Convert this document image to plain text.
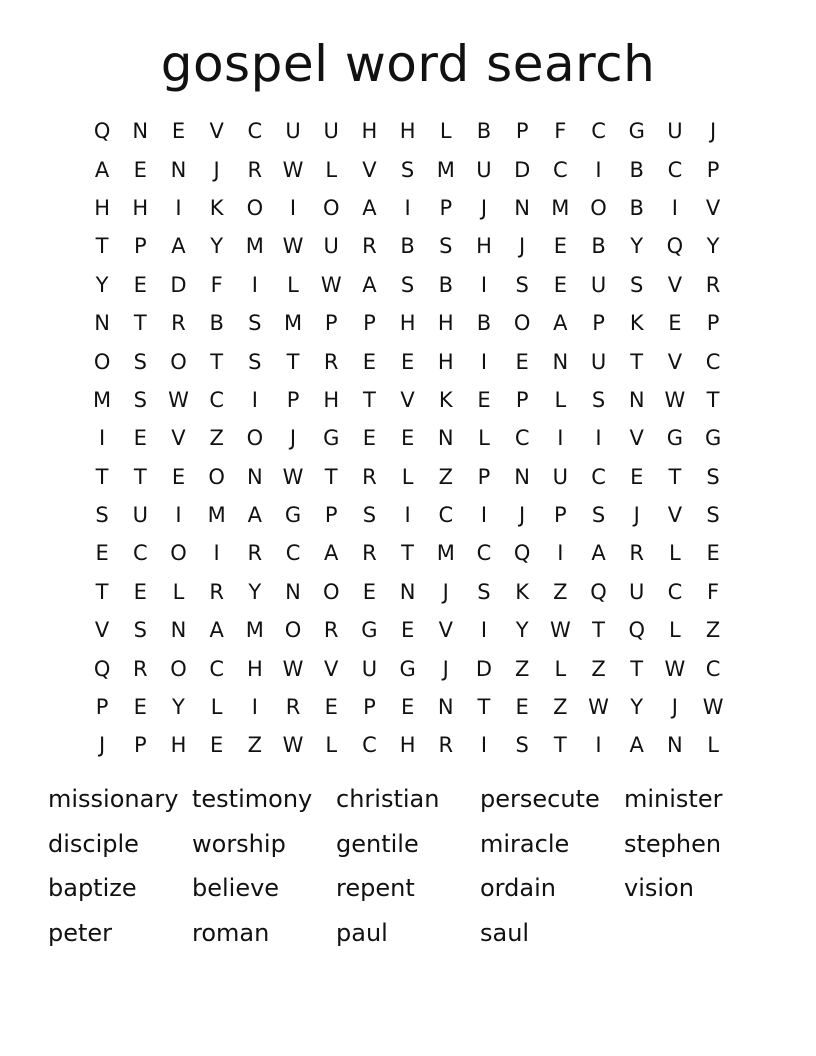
gospel word search
Q	N	E	V	C	U	U	H	H	L	B	P	F	C	G	U	J
A	E	N	J	R W	L	V	S	M	U	D	C	I	B	C	P
H	H	I	K	O	I	O	A	I	P	J	N	M O	B	I	V
T	P	A	Y	M W U	R	B	S	H	J	E	B	Y	Q	Y
Y	E	D	F	I	L	W A	S	B	I	S	E	U	S	V	R
N	T	R	B	S	M	P	P	H	H	B	O	A	P	K	E	P
O	S	O	T	S	T	R	E	E	H	I	E	N	U	T	V	C
M	S	W C	I	P	H	T	V	K	E	P	L	S	N W	T
I	E	V	Z	O	J	G	E	E	N	L	C	I	I	V	G	G
T	T	E	O	N W	T	R	L	Z	P	N	U	C	E	T	S
S	U	I	M	A	G	P	S	I	C	I	J	P	S	J	V	S
E	C	O	I	R	C	A	R	T	M	C	Q	I	A	R	L	E
T	E	L	R	Y	N	O	E	N	J	S	K	Z	Q	U	C	F
V	S	N	A	M O	R	G	E	V	I	Y	W	T	Q	L	Z
Q	R	O	C	H W V	U	G	J	D	Z	L	Z	T	W C
P	E	Y	L	I	R	E	P	E	N	T	E	Z W	Y	J	W
J	P	H	E	Z W	L	C	H	R	I	S	T	I	A	N	L
missionary testimony christian	persecute	minister
disciple	worship	gentile	miracle	stephen
baptize	believe	repent	ordain	vision
peter	roman	paul	saul
